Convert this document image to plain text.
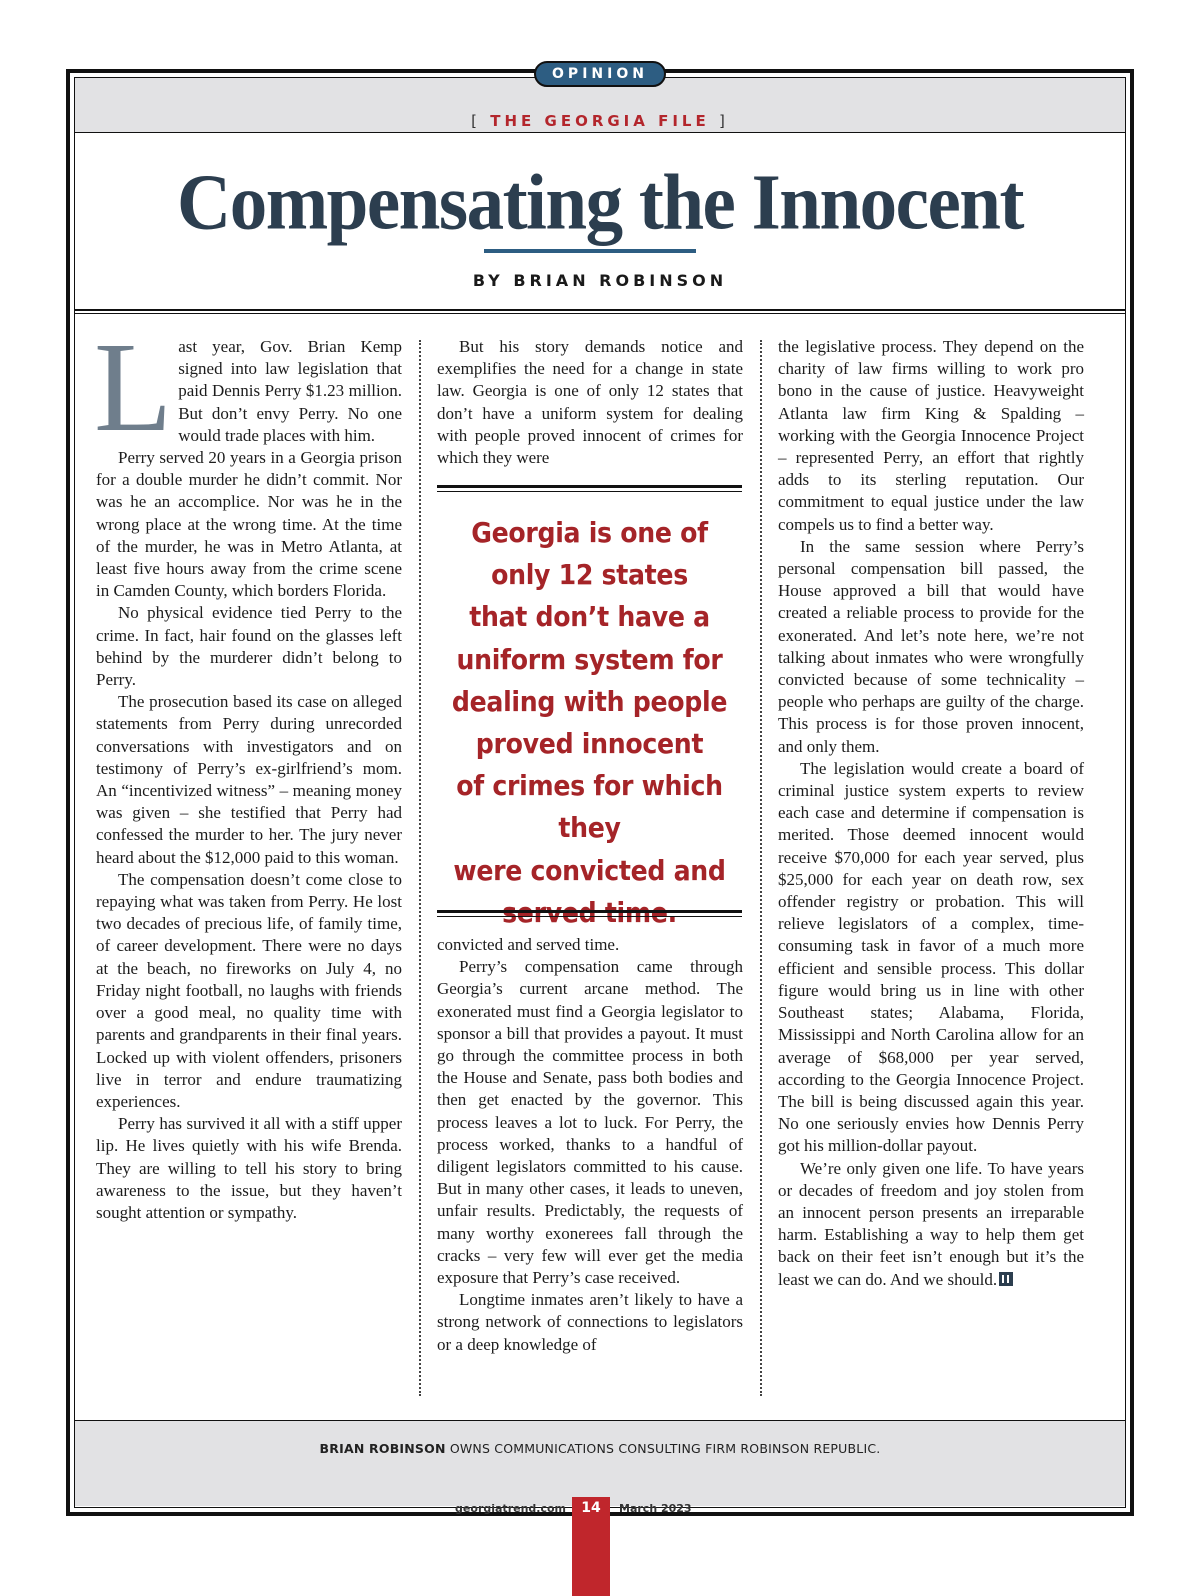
[ THE GEORGIA FILE ]
OPINION
Compensating the Innocent
BY BRIAN ROBINSON

Last year, Gov. Brian Kemp signed into law legislation that paid Dennis Perry $1.23 million. But don’t envy Perry. No one would trade places with him.

Perry served 20 years in a Georgia prison for a double murder he didn’t commit. Nor was he an accomplice. Nor was he in the wrong place at the wrong time. At the time of the murder, he was in Metro Atlanta, at least five hours away from the crime scene in Camden County, which borders Florida.

No physical evidence tied Perry to the crime. In fact, hair found on the glasses left behind by the murderer didn’t belong to Perry.

The prosecution based its case on alleged statements from Perry during unrecorded conversations with investigators and on testimony of Perry’s ex-girlfriend’s mom. An “incentivized witness” – meaning money was given – she testified that Perry had confessed the murder to her. The jury never heard about the $12,000 paid to this woman.

The compensation doesn’t come close to repaying what was taken from Perry. He lost two decades of precious life, of family time, of career development. There were no days at the beach, no fireworks on July 4, no Friday night football, no laughs with friends over a good meal, no quality time with parents and grandparents in their final years. Locked up with violent offenders, prisoners live in terror and endure traumatizing experiences.

Perry has survived it all with a stiff upper lip. He lives quietly with his wife Brenda. They are willing to tell his story to bring awareness to the issue, but they haven’t sought attention or sympathy.

But his story demands notice and exemplifies the need for a change in state law. Georgia is one of only 12 states that don’t have a uniform system for dealing with people proved innocent of crimes for which they were

Georgia is one of
only 12 states
that don’t have a
uniform system for
dealing with people
proved innocent
of crimes for which they
were convicted and

convicted and served time.

Perry’s compensation came through Georgia’s current arcane method. The exonerated must find a Georgia legislator to sponsor a bill that provides a payout. It must go through the committee process in both the House and Senate, pass both bodies and then get enacted by the governor. This process leaves a lot to luck. For Perry, the process worked, thanks to a handful of diligent legislators committed to his cause. But in many other cases, it leads to uneven, unfair results. Predictably, the requests of many worthy exonerees fall through the cracks – very few will ever get the media exposure that Perry’s case received.

Longtime inmates aren’t likely to have a strong network of connections to legislators or a deep knowledge of

the legislative process. They depend on the charity of law firms willing to work pro bono in the cause of justice. Heavyweight Atlanta law firm King & Spalding – working with the Georgia Innocence Project – represented Perry, an effort that rightly adds to its sterling reputation. Our commitment to equal justice under the law compels us to find a better way.

In the same session where Perry’s personal compensation bill passed, the House approved a bill that would have created a reliable process to provide for the exonerated. And let’s note here, we’re not talking about inmates who were wrongfully convicted because of some technicality – people who perhaps are guilty of the charge. This process is for those proven innocent, and only them.

The legislation would create a board of criminal justice system experts to review each case and determine if compensation is merited. Those deemed innocent would receive $70,000 for each year served, plus $25,000 for each year on death row, sex offender registry or probation. This will relieve legislators of a complex, time-consuming task in favor of a much more efficient and sensible process. This dollar figure would bring us in line with other Southeast states; Alabama, Florida, Mississippi and North Carolina allow for an average of $68,000 per year served, according to the Georgia Innocence Project. The bill is being discussed again this year. No one seriously envies how Dennis Perry got his million-dollar payout.

We’re only given one life. To have years or decades of freedom and joy stolen from an innocent person presents an irreparable harm. Establishing a way to help them get back on their feet isn’t enough but it’s the least we can do. And we should.

BRIAN ROBINSON OWNS COMMUNICATIONS CONSULTING FIRM ROBINSON REPUBLIC.
georgiatrend.com	14	March 2023
